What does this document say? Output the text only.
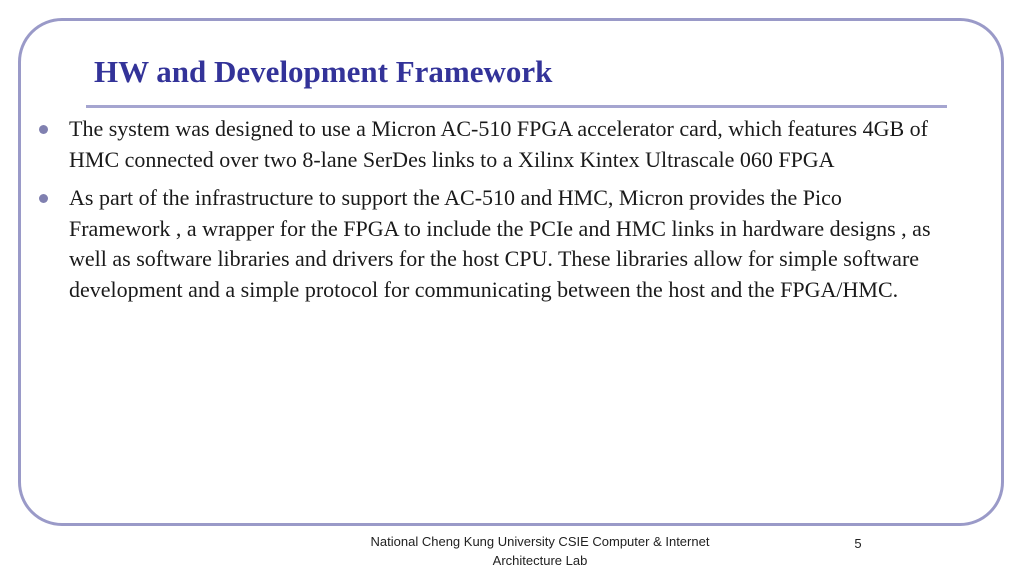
HW and Development Framework
The system was designed to use a Micron AC-510 FPGA accelerator card, which features 4GB of HMC connected over two 8-lane SerDes links to a Xilinx Kintex Ultrascale 060 FPGA
As part of the infrastructure to support the AC-510 and HMC, Micron provides the Pico Framework , a wrapper for the FPGA to include the PCIe and HMC links in hardware designs , as well as software libraries and drivers for the host CPU. These libraries allow for simple software development and a simple protocol for communicating between the host and the FPGA/HMC.
National Cheng Kung University CSIE Computer & Internet
Architecture Lab
5
